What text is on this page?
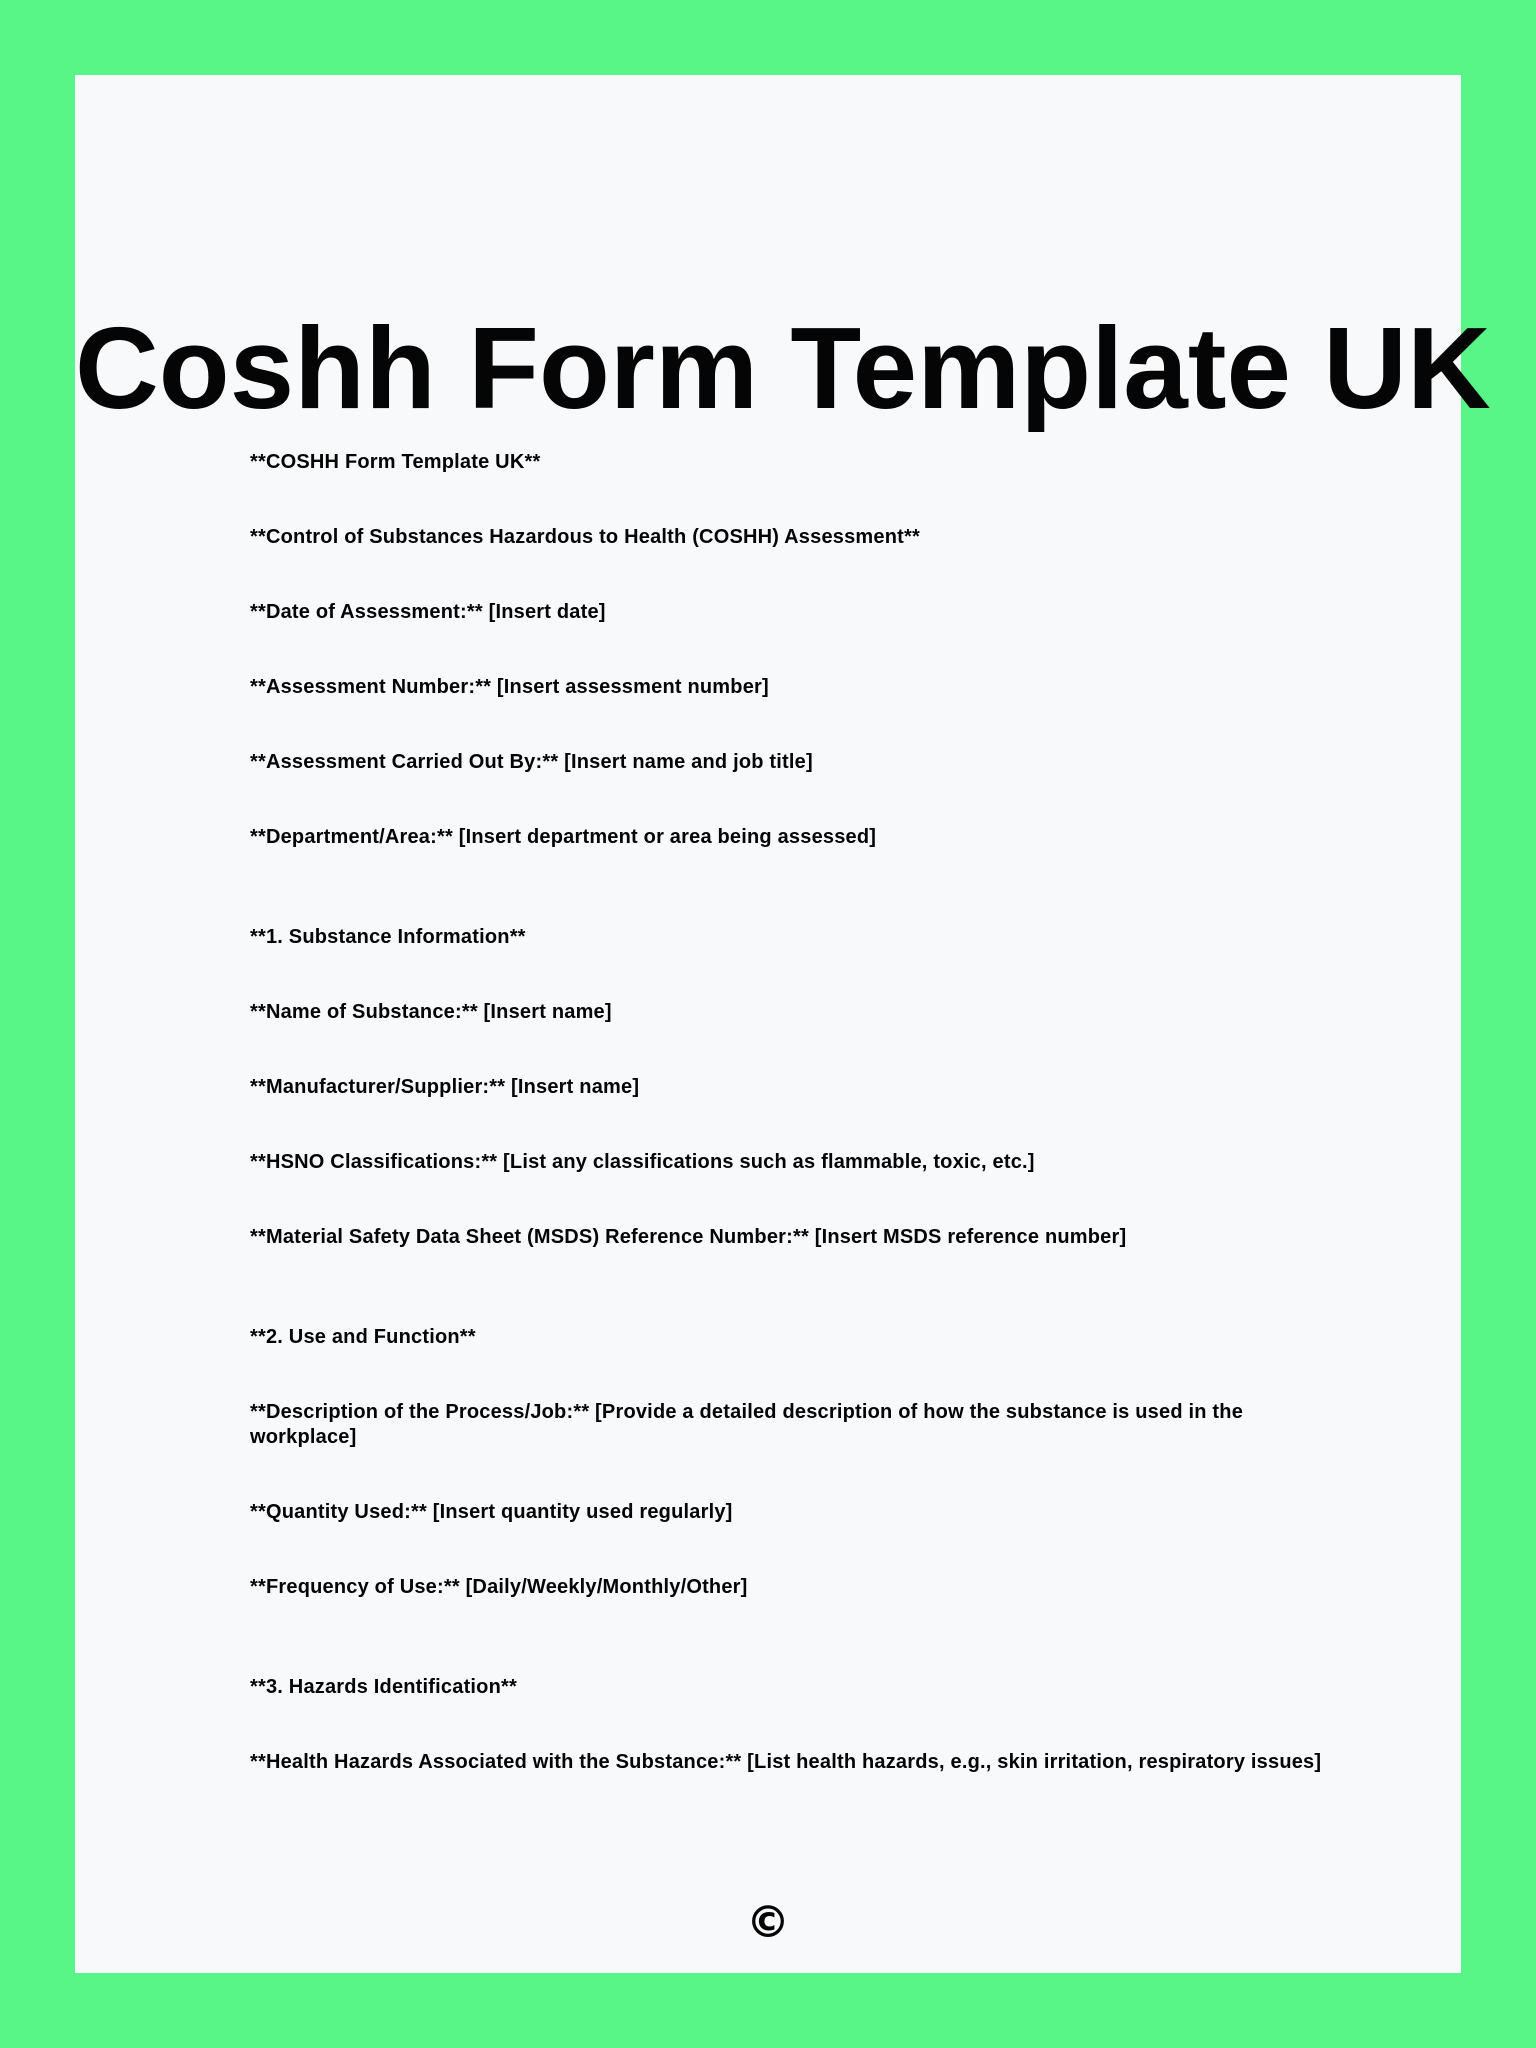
Coshh Form Template UK
**COSHH Form Template UK**
**Control of Substances Hazardous to Health (COSHH) Assessment**
**Date of Assessment:** [Insert date]
**Assessment Number:** [Insert assessment number]
**Assessment Carried Out By:** [Insert name and job title]
**Department/Area:** [Insert department or area being assessed]
**1. Substance Information**
**Name of Substance:** [Insert name]
**Manufacturer/Supplier:** [Insert name]
**HSNO Classifications:** [List any classifications such as flammable, toxic, etc.]
**Material Safety Data Sheet (MSDS) Reference Number:** [Insert MSDS reference number]
**2. Use and Function**
**Description of the Process/Job:** [Provide a detailed description of how the substance is used in the workplace]
**Quantity Used:** [Insert quantity used regularly]
**Frequency of Use:** [Daily/Weekly/Monthly/Other]
**3. Hazards Identification**
**Health Hazards Associated with the Substance:** [List health hazards, e.g., skin irritation, respiratory issues]
©
